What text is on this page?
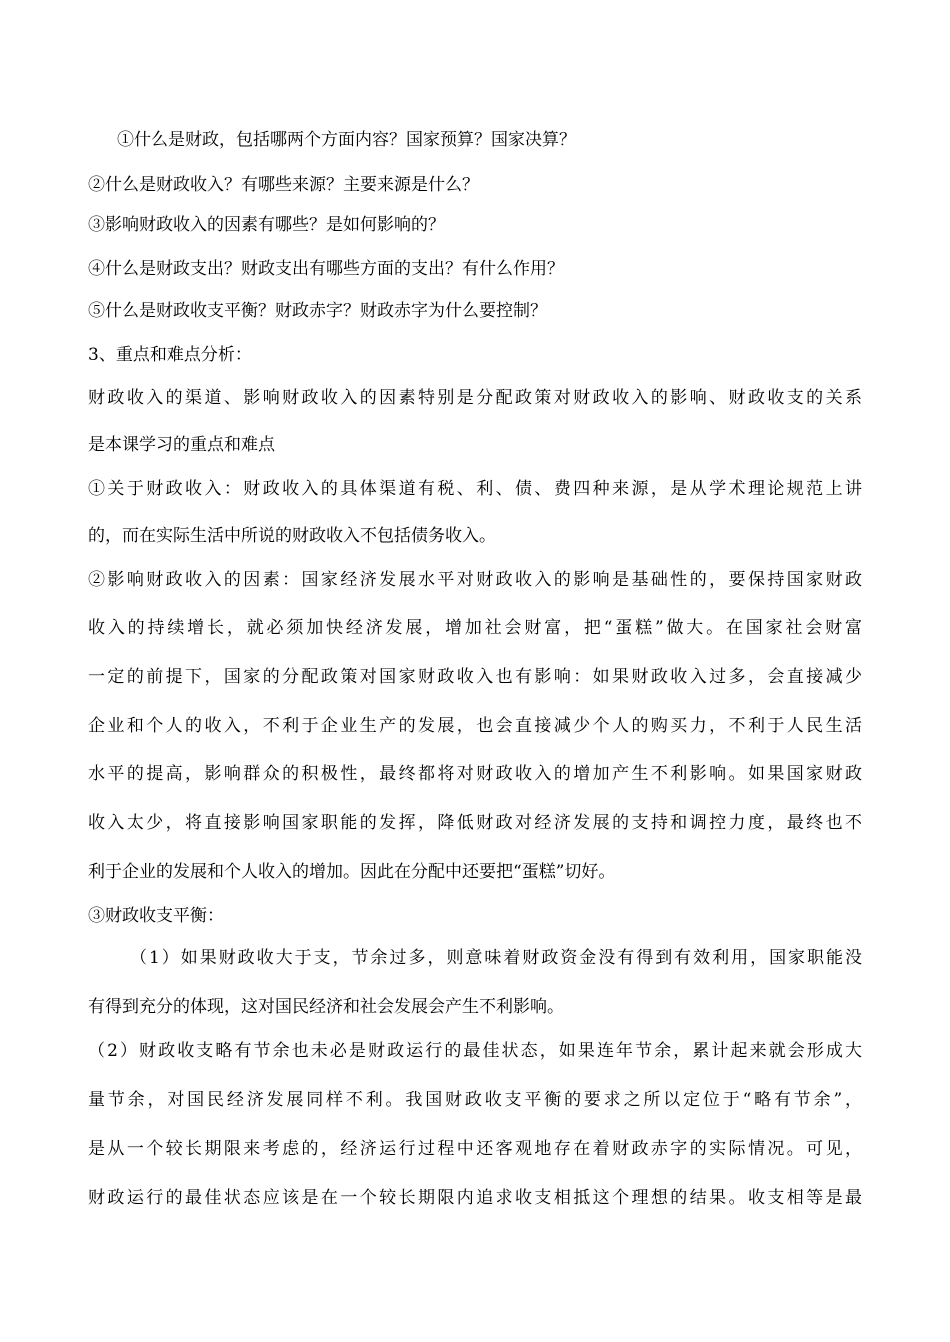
①什么是财政，包括哪两个方面内容？国家预算？国家决算？
②什么是财政收入？有哪些来源？主要来源是什么？
③影响财政收入的因素有哪些？是如何影响的？
④什么是财政支出？财政支出有哪些方面的支出？有什么作用？
⑤什么是财政收支平衡？财政赤字？财政赤字为什么要控制？
3、重点和难点分析：
财政收入的渠道、影响财政收入的因素特别是分配政策对财政收入的影响、财政收支的关系
是本课学习的重点和难点
①关于财政收入：财政收入的具体渠道有税、利、债、费四种来源，是从学术理论规范上讲
的，而在实际生活中所说的财政收入不包括债务收入。
②影响财政收入的因素：国家经济发展水平对财政收入的影响是基础性的，要保持国家财政
收入的持续增长，就必须加快经济发展，增加社会财富，把“蛋糕”做大。在国家社会财富
一定的前提下，国家的分配政策对国家财政收入也有影响：如果财政收入过多，会直接减少
企业和个人的收入，不利于企业生产的发展，也会直接减少个人的购买力，不利于人民生活
水平的提高，影响群众的积极性，最终都将对财政收入的增加产生不利影响。如果国家财政
收入太少，将直接影响国家职能的发挥，降低财政对经济发展的支持和调控力度，最终也不
利于企业的发展和个人收入的增加。因此在分配中还要把“蛋糕”切好。
③财政收支平衡：
（1）如果财政收大于支，节余过多，则意味着财政资金没有得到有效利用，国家职能没
有得到充分的体现，这对国民经济和社会发展会产生不利影响。
（2）财政收支略有节余也未必是财政运行的最佳状态，如果连年节余，累计起来就会形成大
量节余，对国民经济发展同样不利。我国财政收支平衡的要求之所以定位于“略有节余”，
是从一个较长期限来考虑的，经济运行过程中还客观地存在着财政赤字的实际情况。可见，
财政运行的最佳状态应该是在一个较长期限内追求收支相抵这个理想的结果。收支相等是最
